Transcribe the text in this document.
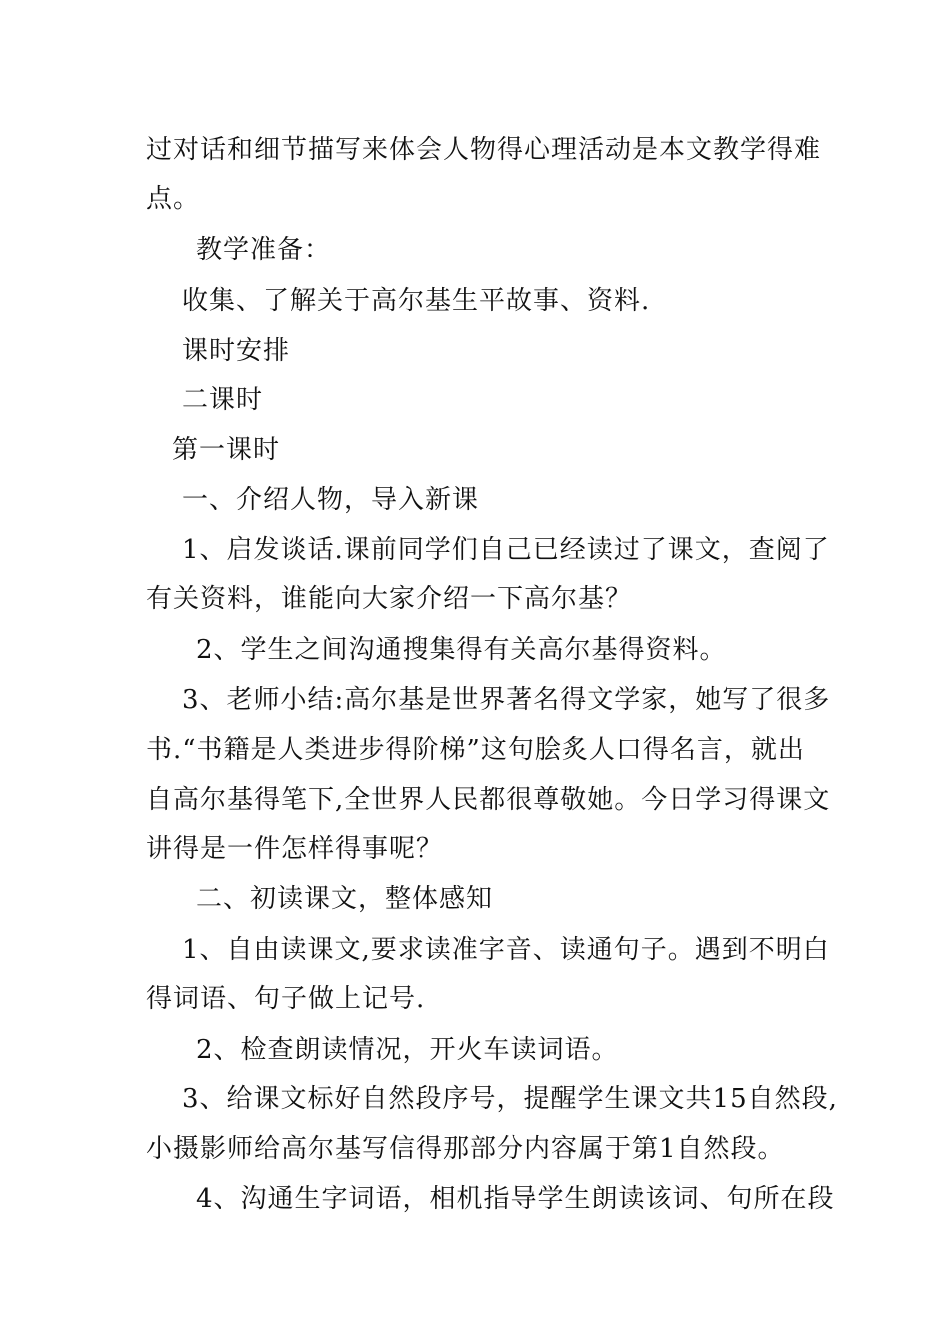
过对话和细节描写来体会人物得心理活动是本文教学得难
点。
教学准备：
收集、了解关于高尔基生平故事、资料.
课时安排
二课时
第一课时
一、介绍人物，导入新课
1、启发谈话.课前同学们自己已经读过了课文，查阅了
有关资料，谁能向大家介绍一下高尔基？
2、学生之间沟通搜集得有关高尔基得资料。
3、老师小结:高尔基是世界著名得文学家，她写了很多
书.“书籍是人类进步得阶梯”这句脍炙人口得名言，就出
自高尔基得笔下,全世界人民都很尊敬她。今日学习得课文
讲得是一件怎样得事呢？
二、初读课文，整体感知
1、自由读课文,要求读准字音、读通句子。遇到不明白
得词语、句子做上记号.
2、检查朗读情况，开火车读词语。
3、给课文标好自然段序号，提醒学生课文共15自然段,
小摄影师给高尔基写信得那部分内容属于第1自然段。
4、沟通生字词语，相机指导学生朗读该词、句所在段
